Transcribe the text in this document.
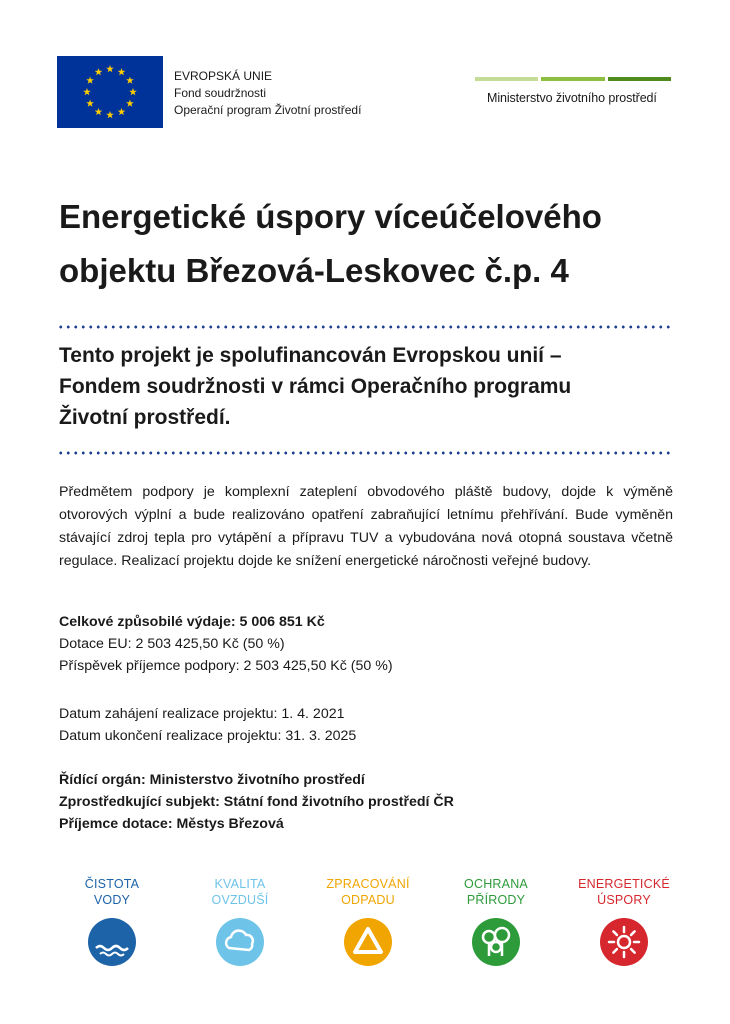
EVROPSKÁ UNIE
Fond soudržnosti
Operační program Životní prostředí
Ministerstvo životního prostředí
Energetické úspory víceúčelového
objektu Březová-Leskovec č.p. 4
Tento projekt je spolufinancován Evropskou unií –
Fondem soudržnosti v rámci Operačního programu
Životní prostředí.

Předmětem podpory je komplexní zateplení obvodového pláště budovy, dojde k výměně otvorových výplní a bude realizováno opatření zabraňující letnímu přehřívání. Bude vyměněn stávající zdroj tepla pro vytápění a přípravu TUV a vybudována nová otopná soustava včetně regulace. Realizací projektu dojde ke snížení energetické náročnosti veřejné budovy.

Celkové způsobilé výdaje: 5 006 851 Kč
Dotace EU: 2 503 425,50 Kč (50 %)
Příspěvek příjemce podpory: 2 503 425,50 Kč (50 %)
Datum zahájení realizace projektu: 1. 4. 2021
Datum ukončení realizace projektu: 31. 3. 2025
Řídící orgán: Ministerstvo životního prostředí
Zprostředkující subjekt: Státní fond životního prostředí ČR
Příjemce dotace: Městys Březová
ČISTOTA
VODY
KVALITA
OVZDUŠÍ
ZPRACOVÁNÍ
ODPADU
OCHRANA
PŘÍRODY
ENERGETICKÉ
ÚSPORY
